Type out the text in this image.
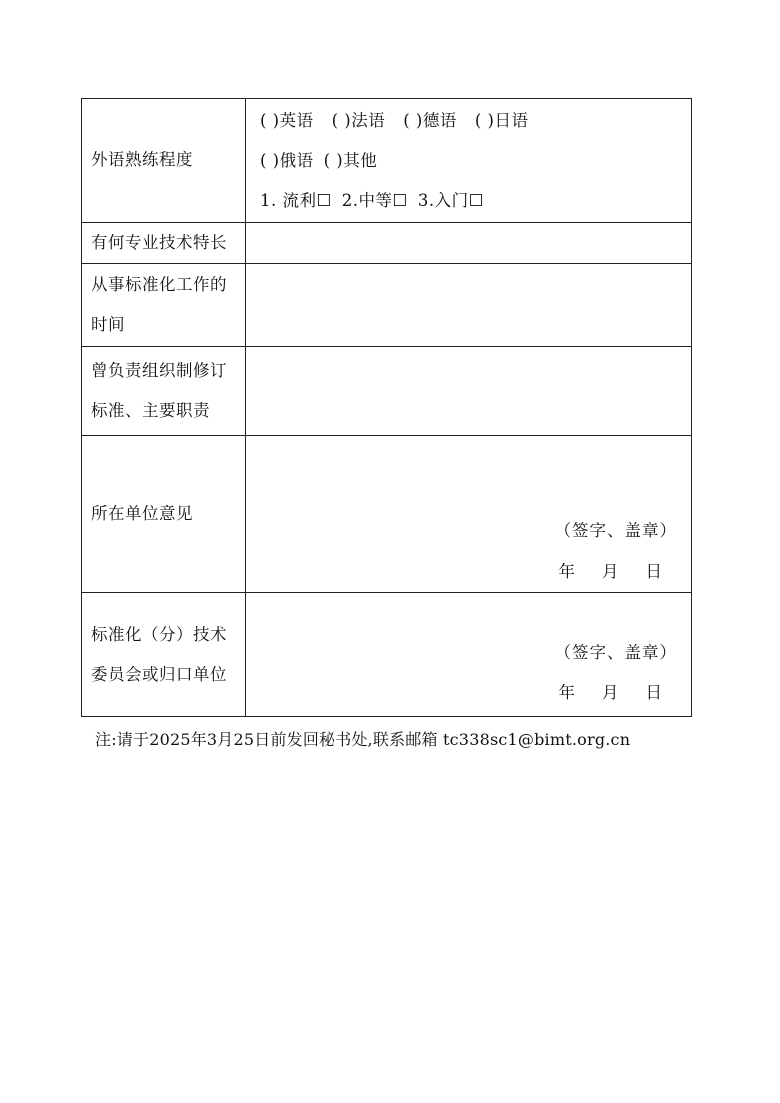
外语熟练程度	( )英语 ( )法语 ( )德语 ( )日语
( )俄语 ( )其他
1. 流利☐ 2.中等☐ 3.入门☐

有何专业技术特长	

从事标准化工作的
时间	

曾负责组织制修订
标准、主要职责	

所在单位意见	（签字、盖章）
年 月 日

标准化（分）技术
委员会或归口单位	（签字、盖章）
年 月 日
注:请于2025年3月25日前发回秘书处,联系邮箱 tc338sc1@bimt.org.cn
